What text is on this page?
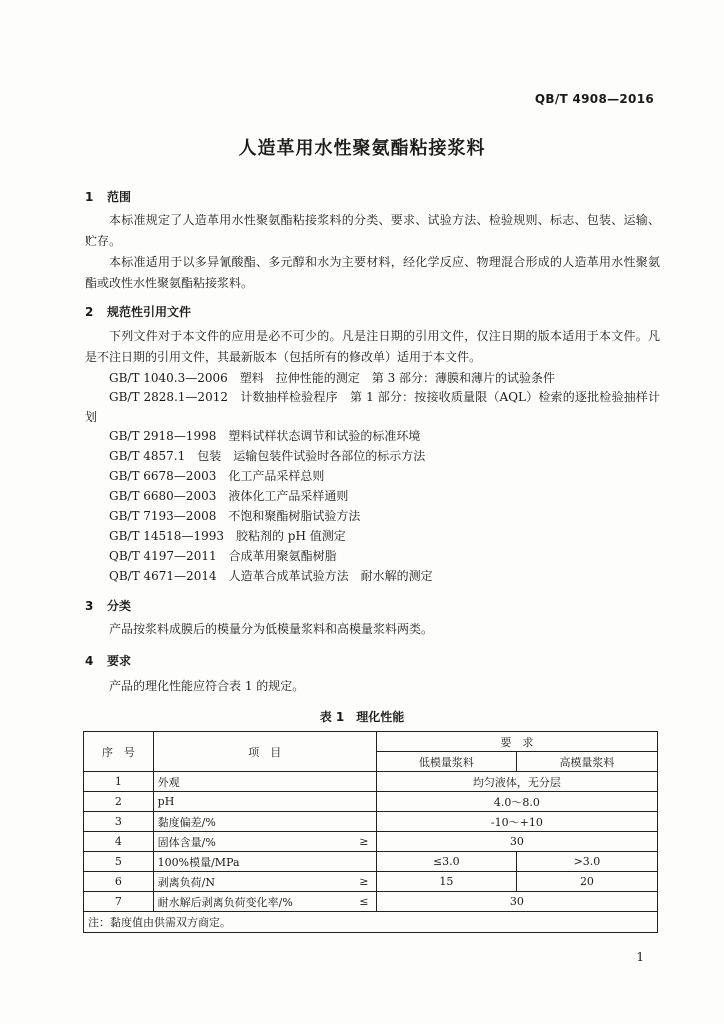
QB/T 4908—2016
人造革用水性聚氨酯粘接浆料
1 范围
本标准规定了人造革用水性聚氨酯粘接浆料的分类、要求、试验方法、检验规则、标志、包装、运输、贮存。
本标准适用于以多异氰酸酯、多元醇和水为主要材料，经化学反应、物理混合形成的人造革用水性聚氨酯或改性水性聚氨酯粘接浆料。
2 规范性引用文件
下列文件对于本文件的应用是必不可少的。凡是注日期的引用文件，仅注日期的版本适用于本文件。凡是不注日期的引用文件，其最新版本（包括所有的修改单）适用于本文件。
GB/T 1040.3—2006　塑料　拉伸性能的测定　第 3 部分：薄膜和薄片的试验条件
GB/T 2828.1—2012　计数抽样检验程序　第 1 部分：按接收质量限（AQL）检索的逐批检验抽样计划
GB/T 2918—1998　塑料试样状态调节和试验的标准环境
GB/T 4857.1　包装　运输包装件试验时各部位的标示方法
GB/T 6678—2003　化工产品采样总则
GB/T 6680—2003　液体化工产品采样通则
GB/T 7193—2008　不饱和聚酯树脂试验方法
GB/T 14518—1993　胶粘剂的 pH 值测定
QB/T 4197—2011　合成革用聚氨酯树脂
QB/T 4671—2014　人造革合成革试验方法　耐水解的测定
3 分类
产品按浆料成膜后的模量分为低模量浆料和高模量浆料两类。
4 要求
产品的理化性能应符合表 1 的规定。
表 1　理化性能
序　号	项　目		要　求	
			低模量浆料	高模量浆料
1	外观		均匀液体，无分层	
2	pH		4.0～8.0	
3	黏度偏差/%		-10～+10	
4	固体含量/%	≥	30	
5	100%模量/MPa		≤3.0	>3.0
6	剥离负荷/N	≥	15	20
7	耐水解后剥离负荷变化率/%	≤	30	
注：黏度值由供需双方商定。				
1
